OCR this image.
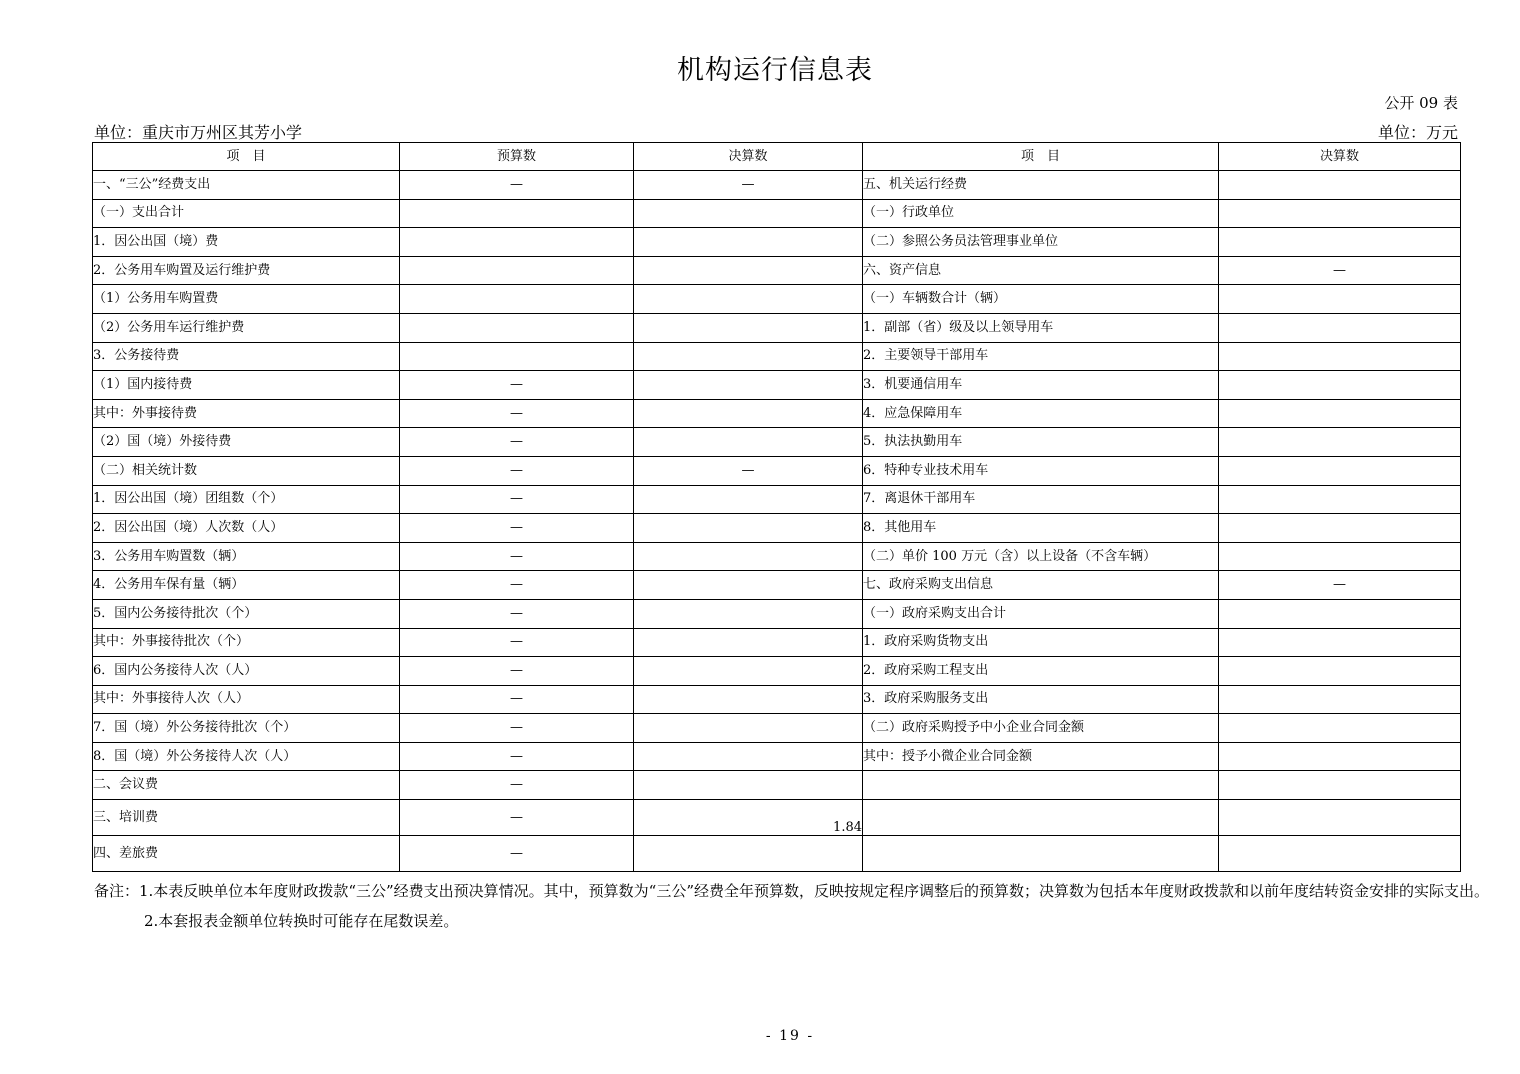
机构运行信息表
公开 09 表
单位：重庆市万州区其芳小学	单位：万元
项　目	预算数	决算数	项　目	决算数
一、“三公”经费支出	—	—	五、机关运行经费	
（一）支出合计			（一）行政单位	
1．因公出国（境）费			（二）参照公务员法管理事业单位	
2．公务用车购置及运行维护费			六、资产信息	—
（1）公务用车购置费			（一）车辆数合计（辆）	
（2）公务用车运行维护费			1．副部（省）级及以上领导用车	
3．公务接待费			2．主要领导干部用车	
（1）国内接待费	—		3．机要通信用车	
其中：外事接待费	—		4．应急保障用车	
（2）国（境）外接待费	—		5．执法执勤用车	
（二）相关统计数	—	—	6．特种专业技术用车	
1．因公出国（境）团组数（个）	—		7．离退休干部用车	
2．因公出国（境）人次数（人）	—		8．其他用车	
3．公务用车购置数（辆）	—		（二）单价 100 万元（含）以上设备（不含车辆）	
4．公务用车保有量（辆）	—		七、政府采购支出信息	—
5．国内公务接待批次（个）	—		（一）政府采购支出合计	
其中：外事接待批次（个）	—		1．政府采购货物支出	
6．国内公务接待人次（人）	—		2．政府采购工程支出	
其中：外事接待人次（人）	—		3．政府采购服务支出	
7．国（境）外公务接待批次（个）	—		（二）政府采购授予中小企业合同金额	
8．国（境）外公务接待人次（人）	—		其中：授予小微企业合同金额	
二、会议费	—			
三、培训费	—	1.84		
四、差旅费	—			

备注：1.本表反映单位本年度财政拨款“三公”经费支出预决算情况。其中，预算数为“三公”经费全年预算数，反映按规定程序调整后的预算数；决算数为包括本年度财政拨款和以前年度结转资金安排的实际支出。

2.本套报表金额单位转换时可能存在尾数误差。

- 19 -
